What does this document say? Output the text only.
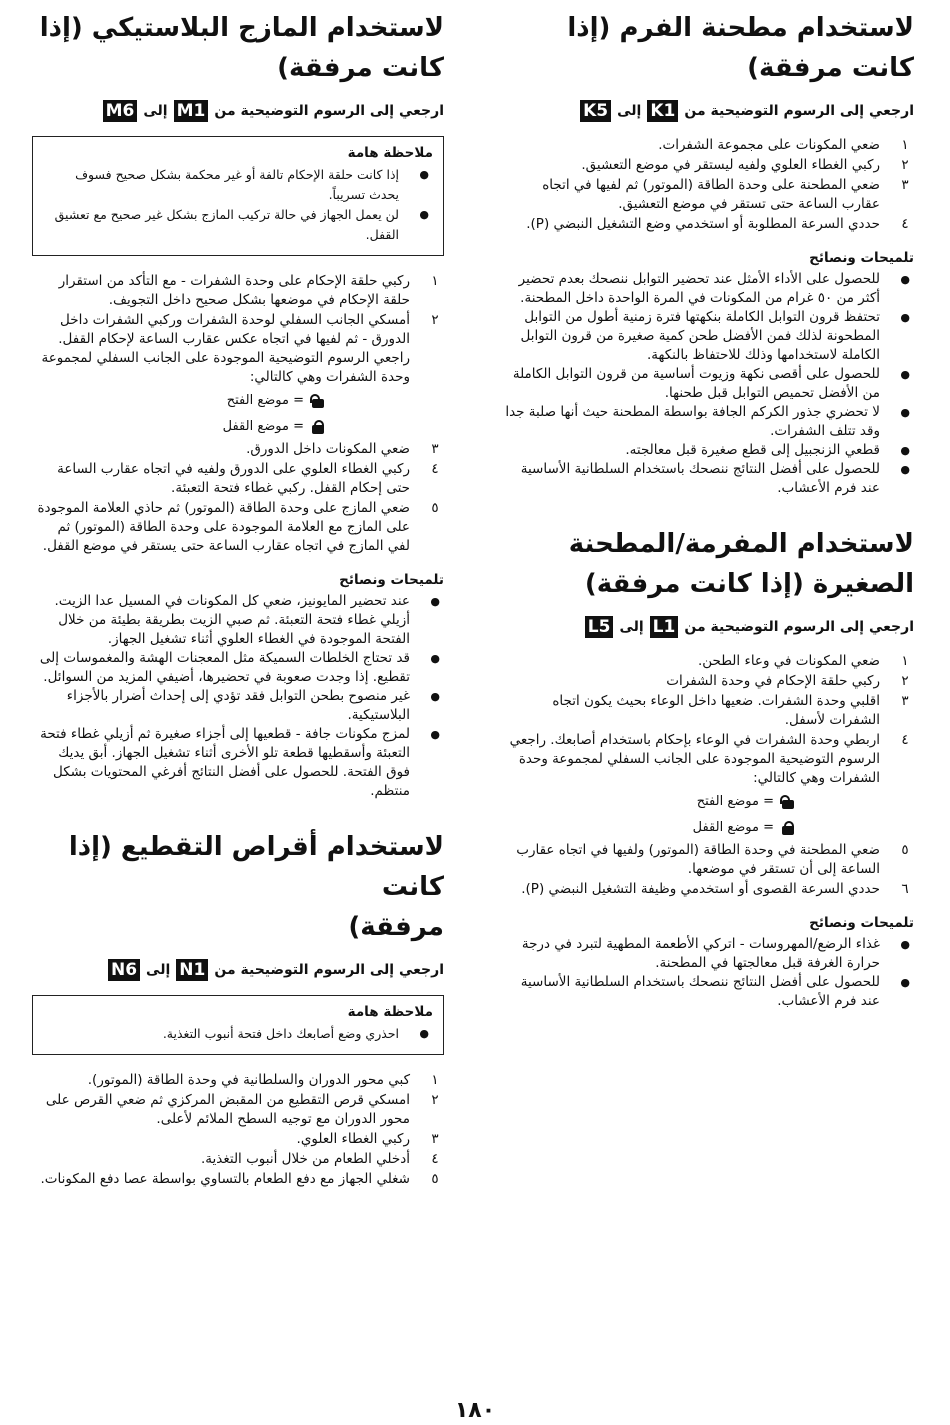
لاستخدام مطحنة الفرم (إذا كانت مرفقة)
ارجعي إلى الرسوم التوضيحية من
K1
إلى
K5
١
ضعي المكونات على مجموعة الشفرات.
٢
ركبي الغطاء العلوي ولفيه ليستقر في موضع التعشيق.
٣
ضعي المطحنة على وحدة الطاقة (الموتور) ثم لفيها في اتجاه عقارب الساعة حتى تستقر في موضع التعشيق.
٤
حددي السرعة المطلوبة أو استخدمي وضع التشغيل النبضي (P).
تلميحات ونصائح
● للحصول على الأداء الأمثل عند تحضير التوابل ننصحك بعدم تحضير أكثر من ٥٠ غرام من المكونات في المرة الواحدة داخل المطحنة.
● تحتفظ قرون التوابل الكاملة بنكهتها فترة زمنية أطول من التوابل المطحونة لذلك فمن الأفضل طحن كمية صغيرة من قرون التوابل الكاملة لاستخدامها وذلك للاحتفاظ بالنكهة.
● للحصول على أقصى نكهة وزيوت أساسية من قرون التوابل الكاملة من الأفضل تحميص التوابل قبل طحنها.
● لا تحضري جذور الكركم الجافة بواسطة المطحنة حيث أنها صلبة جدا وقد تتلف الشفرات.
● قطعي الزنجبيل إلى قطع صغيرة قبل معالجته.
● للحصول على أفضل النتائج ننصحك باستخدام السلطانية الأساسية عند فرم الأعشاب.
لاستخدام المفرمة/المطحنة
الصغيرة (إذا كانت مرفقة)
ارجعي إلى الرسوم التوضيحية من
L1
إلى
L5
١
ضعي المكونات في وعاء الطحن.
٢
ركبي حلقة الإحكام في وحدة الشفرات
٣
اقلبي وحدة الشفرات. ضعيها داخل الوعاء بحيث يكون اتجاه الشفرات لأسفل.
٤
اربطي وحدة الشفرات في الوعاء بإحكام باستخدام أصابعك. راجعي الرسوم التوضيحية الموجودة على الجانب السفلي لمجموعة وحدة الشفرات وهي كالتالي:
= موضع الفتح
= موضع القفل
٥
ضعي المطحنة في وحدة الطاقة (الموتور) ولفيها في اتجاه عقارب الساعة إلى أن تستقر في موضعها.
٦
حددي السرعة القصوى أو استخدمي وظيفة التشغيل النبضي (P).
تلميحات ونصائح
● غذاء الرضع/المهروسات - اتركي الأطعمة المطهية لتبرد في درجة حرارة الغرفة قبل معالجتها في المطحنة.
● للحصول على أفضل النتائج ننصحك باستخدام السلطانية الأساسية عند فرم الأعشاب.
لاستخدام المازج البلاستيكي (إذا
كانت مرفقة)
ارجعي إلى الرسوم التوضيحية من
M1
إلى
M6
ملاحظة هامة
● إذا كانت حلقة الإحكام تالفة أو غير محكمة بشكل صحيح فسوف يحدث تسريباً.
● لن يعمل الجهاز في حالة تركيب المازج بشكل غير صحيح مع تعشيق القفل.
١
ركبي حلقة الإحكام على وحدة الشفرات - مع التأكد من استقرار حلقة الإحكام في موضعها بشكل صحيح داخل التجويف.
٢
أمسكي الجانب السفلي لوحدة الشفرات وركبي الشفرات داخل الدورق - ثم لفيها في اتجاه عكس عقارب الساعة لإحكام القفل. راجعي الرسوم التوضيحية الموجودة على الجانب السفلي لمجموعة وحدة الشفرات وهي كالتالي:
= موضع الفتح
= موضع القفل
٣
ضعي المكونات داخل الدورق.
٤
ركبي الغطاء العلوي على الدورق ولفيه في اتجاه عقارب الساعة حتى إحكام القفل. ركبي غطاء فتحة التعبئة.
٥
ضعي المازج على وحدة الطاقة (الموتور) ثم حاذي العلامة الموجودة على المازج مع العلامة الموجودة على وحدة الطاقة (الموتور) ثم لفي المازج في اتجاه عقارب الساعة حتى يستقر في موضع القفل.
تلميحات ونصائح
● عند تحضير المايونيز، ضعي كل المكونات في المسيل عدا الزيت. أزيلي غطاء فتحة التعبئة. ثم صبي الزيت بطريقة بطيئة من خلال الفتحة الموجودة في الغطاء العلوي أثناء تشغيل الجهاز.
● قد تحتاج الخلطات السميكة مثل المعجنات الهشة والمغموسات إلى تقطيع. إذا وجدت صعوبة في تحضيرها، أضيفي المزيد من السوائل.
● غير منصوح بطحن التوابل فقد تؤدي إلى إحداث أضرار بالأجزاء البلاستيكية.
● لمزج مكونات جافة - قطعيها إلى أجزاء صغيرة ثم أزيلي غطاء فتحة التعبئة وأسقطيها قطعة تلو الأخرى أثناء تشغيل الجهاز. أبق يديك فوق الفتحة. للحصول على أفضل النتائج أفرغي المحتويات بشكل منتظم.
لاستخدام أقراص التقطيع (إذا كانت
مرفقة)
ارجعي إلى الرسوم التوضيحية من
N1
إلى
N6
ملاحظة هامة
● احذري وضع أصابعك داخل فتحة أنبوب التغذية.
١
كبي محور الدوران والسلطانية في وحدة الطاقة (الموتور).
٢
امسكي قرص التقطيع من المقبض المركزي ثم ضعي القرص على محور الدوران مع توجيه السطح الملائم لأعلى.
٣
ركبي الغطاء العلوي.
٤
أدخلي الطعام من خلال أنبوب التغذية.
٥
شغلي الجهاز مع دفع الطعام بالتساوي بواسطة عصا دفع المكونات.
١٨٠
